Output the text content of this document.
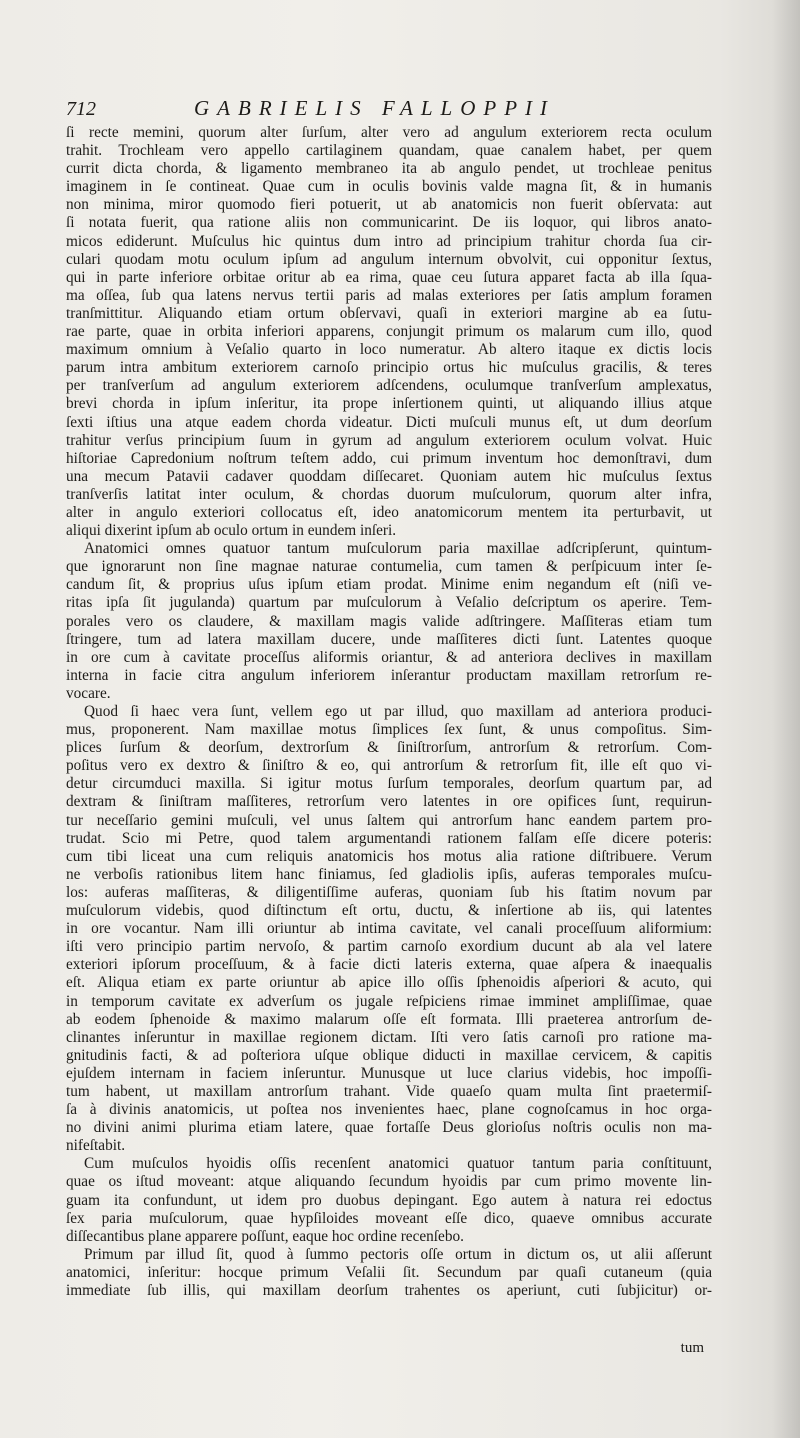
712	GABRIELIS FALLOPPII
ſi recte memini, quorum alter ſurſum, alter vero ad angulum exteriorem recta oculum
trahit. Trochleam vero appello cartilaginem quandam, quae canalem habet, per quem
currit dicta chorda, & ligamento membraneo ita ab angulo pendet, ut trochleae penitus
imaginem in ſe contineat. Quae cum in oculis bovinis valde magna ſit, & in humanis
non minima, miror quomodo fieri potuerit, ut ab anatomicis non fuerit obſervata: aut
ſi notata fuerit, qua ratione aliis non communicarint. De iis loquor, qui libros anato-
micos ediderunt. Muſculus hic quintus dum intro ad principium trahitur chorda ſua cir-
culari quodam motu oculum ipſum ad angulum internum obvolvit, cui opponitur ſextus,
qui in parte inferiore orbitae oritur ab ea rima, quae ceu ſutura apparet facta ab illa ſqua-
ma oſſea, ſub qua latens nervus tertii paris ad malas exteriores per ſatis amplum foramen
tranſmittitur. Aliquando etiam ortum obſervavi, quaſi in exteriori margine ab ea ſutu-
rae parte, quae in orbita inferiori apparens, conjungit primum os malarum cum illo, quod
maximum omnium à Veſalio quarto in loco numeratur. Ab altero itaque ex dictis locis
parum intra ambitum exteriorem carnoſo principio ortus hic muſculus gracilis, & teres
per tranſverſum ad angulum exteriorem adſcendens, oculumque tranſverſum amplexatus,
brevi chorda in ipſum inſeritur, ita prope inſertionem quinti, ut aliquando illius atque
ſexti iſtius una atque eadem chorda videatur. Dicti muſculi munus eſt, ut dum deorſum
trahitur verſus principium ſuum in gyrum ad angulum exteriorem oculum volvat. Huic
hiſtoriae Capredonium noſtrum teſtem addo, cui primum inventum hoc demonſtravi, dum
una mecum Patavii cadaver quoddam diſſecaret. Quoniam autem hic muſculus ſextus
tranſverſis latitat inter oculum, & chordas duorum muſculorum, quorum alter infra,
alter in angulo exteriori collocatus eſt, ideo anatomicorum mentem ita perturbavit, ut
aliqui dixerint ipſum ab oculo ortum in eundem inſeri.
Anatomici omnes quatuor tantum muſculorum paria maxillae adſcripſerunt, quintum-
que ignorarunt non ſine magnae naturae contumelia, cum tamen & perſpicuum inter ſe-
candum ſit, & proprius uſus ipſum etiam prodat. Minime enim negandum eſt (niſi ve-
ritas ipſa ſit jugulanda) quartum par muſculorum à Veſalio deſcriptum os aperire. Tem-
porales vero os claudere, & maxillam magis valide adſtringere. Maſſiteras etiam tum
ſtringere, tum ad latera maxillam ducere, unde maſſiteres dicti ſunt. Latentes quoque
in ore cum à cavitate proceſſus aliformis oriantur, & ad anteriora declives in maxillam
interna in facie citra angulum inferiorem inſerantur productam maxillam retrorſum re-
vocare.
Quod ſi haec vera ſunt, vellem ego ut par illud, quo maxillam ad anteriora produci-
mus, proponerent. Nam maxillae motus ſimplices ſex ſunt, & unus compoſitus. Sim-
plices ſurſum & deorſum, dextrorſum & ſiniſtrorſum, antrorſum & retrorſum. Com-
poſitus vero ex dextro & ſiniſtro & eo, qui antrorſum & retrorſum fit, ille eſt quo vi-
detur circumduci maxilla. Si igitur motus ſurſum temporales, deorſum quartum par, ad
dextram & ſiniſtram maſſiteres, retrorſum vero latentes in ore opifices ſunt, requirun-
tur neceſſario gemini muſculi, vel unus ſaltem qui antrorſum hanc eandem partem pro-
trudat. Scio mi Petre, quod talem argumentandi rationem falſam eſſe dicere poteris:
cum tibi liceat una cum reliquis anatomicis hos motus alia ratione diſtribuere. Verum
ne verboſis rationibus litem hanc finiamus, ſed gladiolis ipſis, auferas temporales muſcu-
los: auferas maſſiteras, & diligentiſſime auferas, quoniam ſub his ſtatim novum par
muſculorum videbis, quod diſtinctum eſt ortu, ductu, & inſertione ab iis, qui latentes
in ore vocantur. Nam illi oriuntur ab intima cavitate, vel canali proceſſuum aliformium:
iſti vero principio partim nervoſo, & partim carnoſo exordium ducunt ab ala vel latere
exteriori ipſorum proceſſuum, & à facie dicti lateris externa, quae aſpera & inaequalis
eſt. Aliqua etiam ex parte oriuntur ab apice illo oſſis ſphenoidis aſperiori & acuto, qui
in temporum cavitate ex adverſum os jugale reſpiciens rimae imminet ampliſſimae, quae
ab eodem ſphenoide & maximo malarum oſſe eſt formata. Illi praeterea antrorſum de-
clinantes inſeruntur in maxillae regionem dictam. Iſti vero ſatis carnoſi pro ratione ma-
gnitudinis facti, & ad poſteriora uſque oblique diducti in maxillae cervicem, & capitis
ejuſdem internam in faciem inſeruntur. Munusque ut luce clarius videbis, hoc impoſſi-
tum habent, ut maxillam antrorſum trahant. Vide quaeſo quam multa ſint praetermiſ-
ſa à divinis anatomicis, ut poſtea nos invenientes haec, plane cognoſcamus in hoc orga-
no divini animi plurima etiam latere, quae fortaſſe Deus glorioſus noſtris oculis non ma-
nifeſtabit.
Cum muſculos hyoidis oſſis recenſent anatomici quatuor tantum paria conſtituunt,
quae os iſtud moveant: atque aliquando ſecundum hyoidis par cum primo movente lin-
guam ita confundunt, ut idem pro duobus depingant. Ego autem à natura rei edoctus
ſex paria muſculorum, quae hypſiloides moveant eſſe dico, quaeve omnibus accurate
diſſecantibus plane apparere poſſunt, eaque hoc ordine recenſebo.
Primum par illud ſit, quod à ſummo pectoris oſſe ortum in dictum os, ut alii aſſerunt
anatomici, inſeritur: hocque primum Veſalii ſit. Secundum par quaſi cutaneum (quia
immediate ſub illis, qui maxillam deorſum trahentes os aperiunt, cuti ſubjicitur) or-
tum
